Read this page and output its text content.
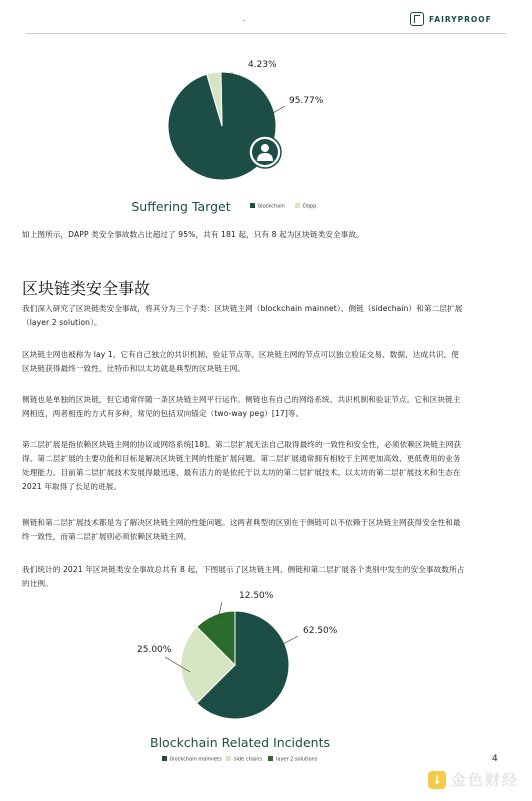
.	FAIRYPROOF
4.23%
95.77%
Suffering Target	blockchain	Dapp
12.50%
62.50%
25.00%
Blockchain Related Incidents
blockchain mainnets side chains	layer 2 solutions

如上图所示，DAPP 类安全事故数占比超过了 95%，共有 181 起，只有 8 起为区块链类安全事故。

区块链类安全事故
我们深入研究了区块链类安全事故，将其分为三个子类：区块链主网（blockchain mainnet）、侧链（sidechain）和第二层扩展
（layer 2 solution）。
区块链主网也被称为 lay 1，它有自己独立的共识机制、验证节点等。区块链主网的节点可以独立验证交易、数据，达成共识，使
区块链获得最终一致性。比特币和以太坊就是典型的区块链主网。
侧链也是单独的区块链，但它通常伴随一条区块链主网平行运作。侧链也有自己的网络系统、共识机制和验证节点。它和区块链主
网相连，两者相连的方式有多种，常见的包括双向锚定（two-way peg）[17]等。
第二层扩展是指依赖区块链主网的协议或网络系统[18]。第二层扩展无法自己取得最终的一致性和安全性，必须依赖区块链主网获
得。第二层扩展的主要功能和目标是解决区块链主网的性能扩展问题。第二层扩展通常拥有相较于主网更加高效、更低费用的业务
处理能力。目前第二层扩展技术发展得最迅速、最有活力的是依托于以太坊的第二层扩展技术。以太坊的第二层扩展技术和生态在
2021 年取得了长足的进展。
侧链和第二层扩展技术都是为了解决区块链主网的性能问题。这两者典型的区别在于侧链可以不依赖于区块链主网获得安全性和最
终一致性，而第二层扩展则必须依赖区块链主网。
我们统计的 2021 年区块链类安全事故总共有 8 起，下图展示了区块链主网、侧链和第二层扩展各个类别中发生的安全事故数所占
的比例。
4
↓ 金色财经
